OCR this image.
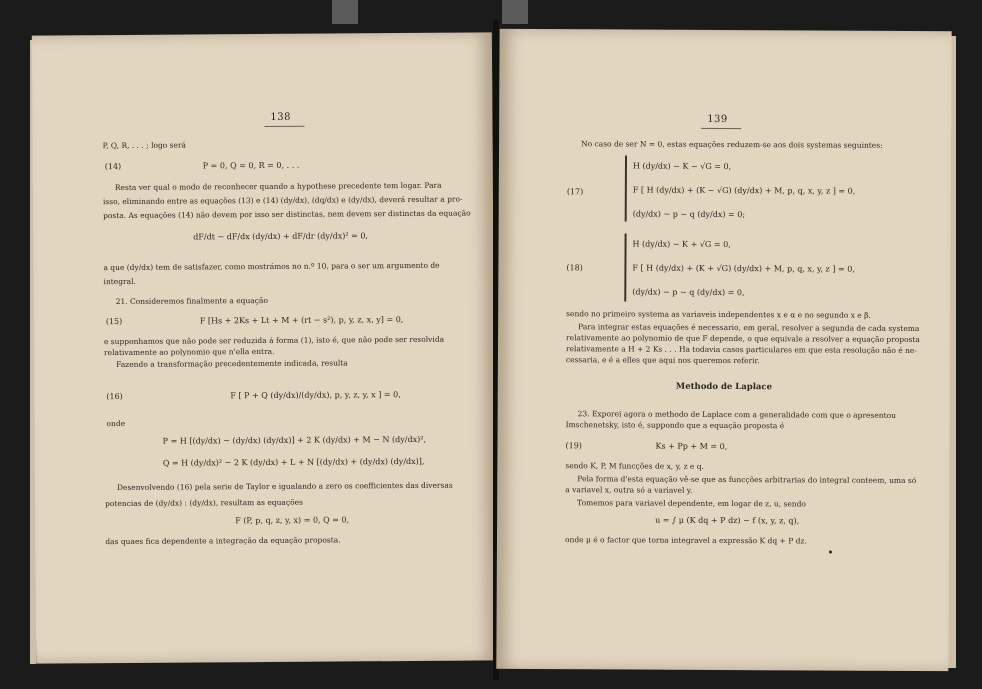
138
P, Q, R, . . . ; logo será
(14)	P = 0, Q = 0, R = 0, . . .
Resta ver qual o modo de reconhecer quando a hypothese precedente tem logar. Para
isso, eliminando entre as equações (13) e (14) (dy/dx), (dq/dx) e (dy/dx), deverá resultar a pro-
posta. As equações (14) não devem por isso ser distinctas, nem devem ser distinctas da equação
dF/dt − dF/dx (dy/dx) + dF/dr (dy/dx)² = 0,
a que (dy/dx) tem de satisfazer, como mostrámos no n.º 10, para o ser um argumento de
integral.
21. Consideremos finalmente a equação
(15)	F [Hs + 2Ks + Lt + M + (rt − s²), p, y, z, x, y] = 0,
e supponhamos que não pode ser reduzida á forma (1), isto é, que não pode ser resolvida
relativamente ao polynomio que n'ella entra.
Fazendo a transformação precedentemente indicada, resulta
(16)	F [ P + Q (dy/dx)/(dy/dx), p, y, z, y, x ] = 0,
onde
P = H [(dy/dx) − (dy/dx) (dy/dx)] + 2 K (dy/dx) + M − N (dy/dx)²,
Q = H (dy/dx)² − 2 K (dy/dx) + L + N [(dy/dx) + (dy/dx) (dy/dx)],
Desenvolvendo (16) pela serie de Taylor e igualando a zero os coefficientes das diversas
potencias de (dy/dx) : (dy/dx), resultam as equações
F (P, p, q, z, y, x) = 0, Q = 0,
das quaes fica dependente a integração da equação proposta.
139
No caso de ser N = 0, estas equações reduzem-se aos dois systemas seguintes:
(17)
H (dy/dx) − K − √G = 0,
F [ H (dy/dx) + (K − √G) (dy/dx) + M, p, q, x, y, z ] = 0,
(dy/dx) − p − q (dy/dx) = 0;
(18)
H (dy/dx) − K + √G = 0,
F [ H (dy/dx) + (K + √G) (dy/dx) + M, p, q, x, y, z ] = 0,
(dy/dx) − p − q (dy/dx) = 0,
sendo no primeiro systema as variaveis independentes x e α e no segundo x e β.
Para integrar estas equações é necessario, em geral, resolver a segunda de cada systema
relativamente ao polynomio de que F depende, o que equivale a resolver a equação proposta
relativamente a H + 2 Ks . . . Ha todavia casos particulares em que esta resolução não é ne-
cessaria, e é a elles que aqui nos queremos referir.
Methodo de Laplace
23. Exporei agora o methodo de Laplace com a generalidade com que o apresentou
Imschenetsky, isto é, suppondo que a equação proposta é
(19)	Ks + Pp + M = 0,
sendo K, P, M funcções de x, y, z e q.
Pela forma d'esta equação vê-se que as funcções arbitrarias do integral conteem, uma só
a variavel x, outra só a variavel y.
Tomemos para variavel dependente, em logar de z, u, sendo
u = ∫ μ (K dq + P dz) − f (x, y, z, q),
onde μ é o factor que torna integravel a expressão K dq + P dz.
